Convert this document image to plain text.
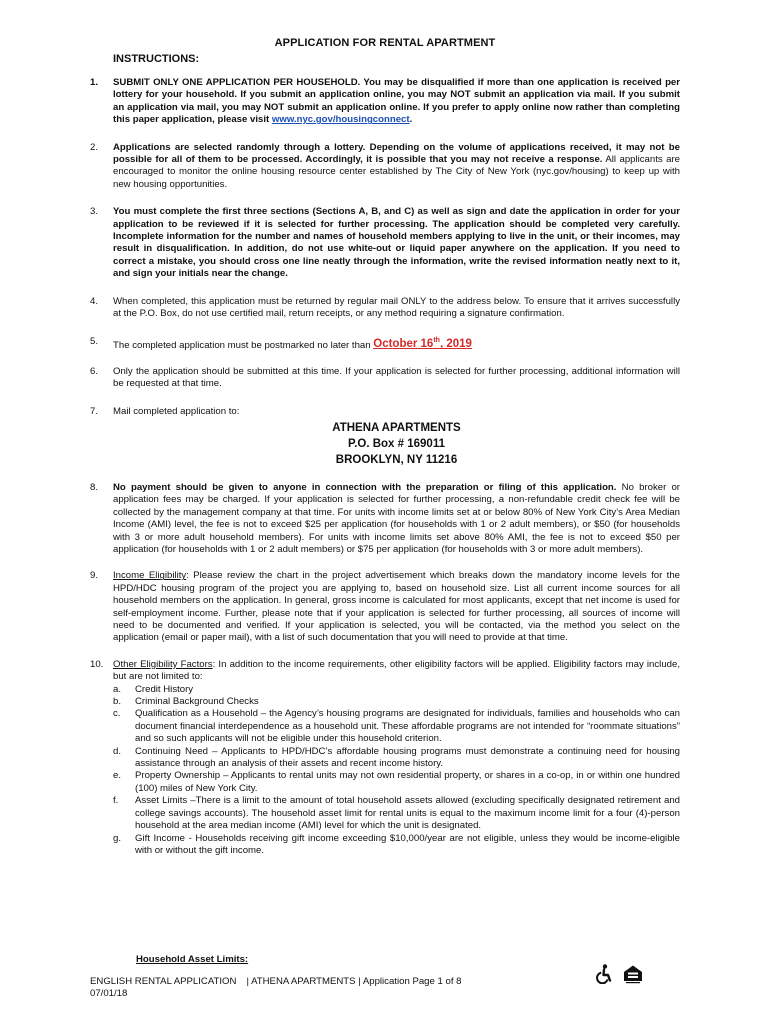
APPLICATION FOR RENTAL APARTMENT
INSTRUCTIONS:
1.	SUBMIT ONLY ONE APPLICATION PER HOUSEHOLD. You may be disqualified if more than one application is received per lottery for your household. If you submit an application online, you may NOT submit an application via mail. If you submit an application via mail, you may NOT submit an application online. If you prefer to apply online now rather than completing this paper application, please visit www.nyc.gov/housingconnect.
2.	Applications are selected randomly through a lottery. Depending on the volume of applications received, it may not be possible for all of them to be processed. Accordingly, it is possible that you may not receive a response. All applicants are encouraged to monitor the online housing resource center established by The City of New York (nyc.gov/housing) to keep up with new housing opportunities.
3.	You must complete the first three sections (Sections A, B, and C) as well as sign and date the application in order for your application to be reviewed if it is selected for further processing. The application should be completed very carefully. Incomplete information for the number and names of household members applying to live in the unit, or their incomes, may result in disqualification. In addition, do not use white-out or liquid paper anywhere on the application. If you need to correct a mistake, you should cross one line neatly through the information, write the revised information neatly next to it, and sign your initials near the change.
4.	When completed, this application must be returned by regular mail ONLY to the address below. To ensure that it arrives successfully at the P.O. Box, do not use certified mail, return receipts, or any method requiring a signature confirmation.
5.	The completed application must be postmarked no later than October 16th, 2019
6.	Only the application should be submitted at this time. If your application is selected for further processing, additional information will be requested at that time.
7.	Mail completed application to:
ATHENA APARTMENTS
P.O. Box # 169011
BROOKLYN, NY 11216
8.	No payment should be given to anyone in connection with the preparation or filing of this application. No broker or application fees may be charged. If your application is selected for further processing, a non-refundable credit check fee will be collected by the management company at that time. For units with income limits set at or below 80% of New York City’s Area Median Income (AMI) level, the fee is not to exceed $25 per application (for households with 1 or 2 adult members), or $50 (for households with 3 or more adult household members). For units with income limits set above 80% AMI, the fee is not to exceed $50 per application (for households with 1 or 2 adult members) or $75 per application (for households with 3 or more adult members).
9.	Income Eligibility: Please review the chart in the project advertisement which breaks down the mandatory income levels for the HPD/HDC housing program of the project you are applying to, based on household size. List all current income sources for all household members on the application. In general, gross income is calculated for most applicants, except that net income is used for self-employment income. Further, please note that if your application is selected for further processing, all sources of income will need to be documented and verified. If your application is selected, you will be contacted, via the method you select on the application (email or paper mail), with a list of such documentation that you will need to provide at that time.
10.	Other Eligibility Factors: In addition to the income requirements, other eligibility factors will be applied. Eligibility factors may include, but are not limited to:
a.	Credit History
b.	Criminal Background Checks
c.	Qualification as a Household – the Agency’s housing programs are designated for individuals, families and households who can document financial interdependence as a household unit. These affordable programs are not intended for “roommate situations” and so such applicants will not be eligible under this household criterion.
d.	Continuing Need – Applicants to HPD/HDC’s affordable housing programs must demonstrate a continuing need for housing assistance through an analysis of their assets and recent income history.
e.	Property Ownership – Applicants to rental units may not own residential property, or shares in a co-op, in or within one hundred (100) miles of New York City.
f.	Asset Limits –There is a limit to the amount of total household assets allowed (excluding specifically designated retirement and college savings accounts). The household asset limit for rental units is equal to the maximum income limit for a four (4)-person household at the area median income (AMI) level for which the unit is designated.
g.	Gift Income - Households receiving gift income exceeding $10,000/year are not eligible, unless they would be income-eligible with or without the gift income.
Household Asset Limits:
ENGLISH RENTAL APPLICATION | ATHENA APARTMENTS | Application Page 1 of 8
07/01/18
